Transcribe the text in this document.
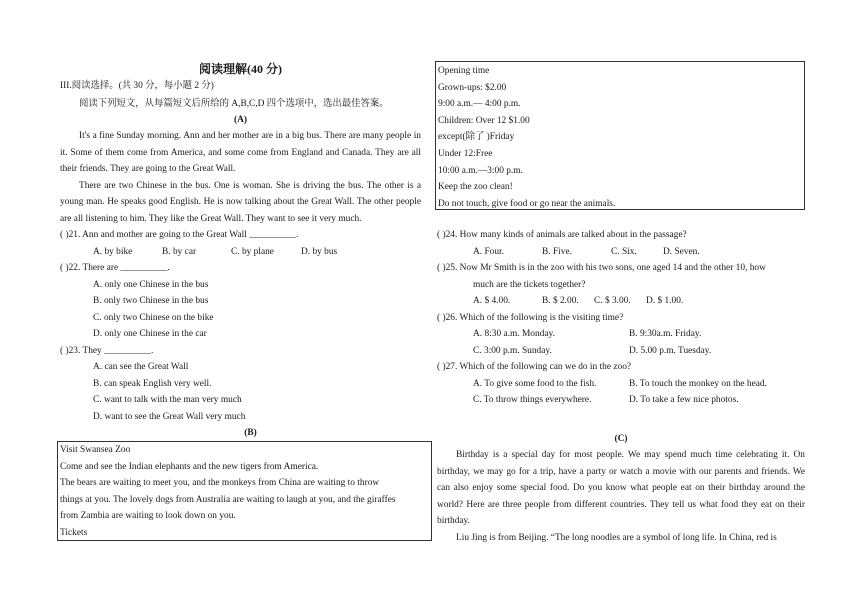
阅读理解(40 分)
III.阅读选择。(共 30 分，每小题 2 分)
阅读下列短文，从每篇短文后所给的 A,B,C,D 四个选项中，选出最佳答案。
(A)

It's a fine Sunday morning. Ann and her mother are in a big bus. There are many people in it. Some of them come from America, and some come from England and Canada. They are all their friends. They are going to the Great Wall.

There are two Chinese in the bus. One is woman. She is driving the bus. The other is a young man. He speaks good English. He is now talking about the Great Wall. The other people are all listening to him. They like the Great Wall. They want to see it very much.

( )21. Ann and mother are going to the Great Wall __________.
A. by bike	B. by car	C. by plane	D. by bus
( )22. There are __________.
A. only one Chinese in the bus
B. only two Chinese in the bus
C. only two Chinese on the bike
D. only one Chinese in the car
( )23. They __________.
A. can see the Great Wall
B. can speak English very well.
C. want to talk with the man very much
D. want to see the Great Wall very much
(B)
Visit Swansea Zoo
Come and see the Indian elephants and the new tigers from America.
The bears are waiting to meet you, and the monkeys from China are waiting to throw
things at you. The lovely dogs from Australia are waiting to laugh at you, and the giraffes
from Zambia are waiting to look down on you.
Tickets
Opening time
Grown-ups: $2.00
9:00 a.m.— 4:00 p.m.
Children: Over 12 $1.00
except(除了 )Friday
Under 12:Free
10:00 a.m.—3:00 p.m.
Keep the zoo clean!
Do not touch, give food or go near the animals.
( )24. How many kinds of animals are talked about in the passage?
A. Four.	B. Five.	C. Six.	D. Seven.
( )25. Now Mr Smith is in the zoo with his two sons, one aged 14 and the other 10, how
much are the tickets together?
A. $ 4.00.	B. $ 2.00. C. $ 3.00. D. $ 1.00.
( )26. Which of the following is the visiting time?
A. 8:30 a.m. Monday.	B. 9:30a.m. Friday.
C. 3:00 p.m. Sunday.	D. 5.00 p.m. Tuesday.
( )27. Which of the following can we do in the zoo?
A. To give some food to the fish.	B. To touch the monkey on the head.
C. To throw things everywhere.	D. To take a few nice photos.
(C)

Birthday is a special day for most people. We may spend much time celebrating it. On birthday, we may go for a trip, have a party or watch a movie with our parents and friends. We can also enjoy some special food. Do you know what people eat on their birthday around the world? Here are three people from different countries. They tell us what food they eat on their birthday.

Liu Jing is from Beijing. “The long noodles are a symbol of long life. In China, red is
